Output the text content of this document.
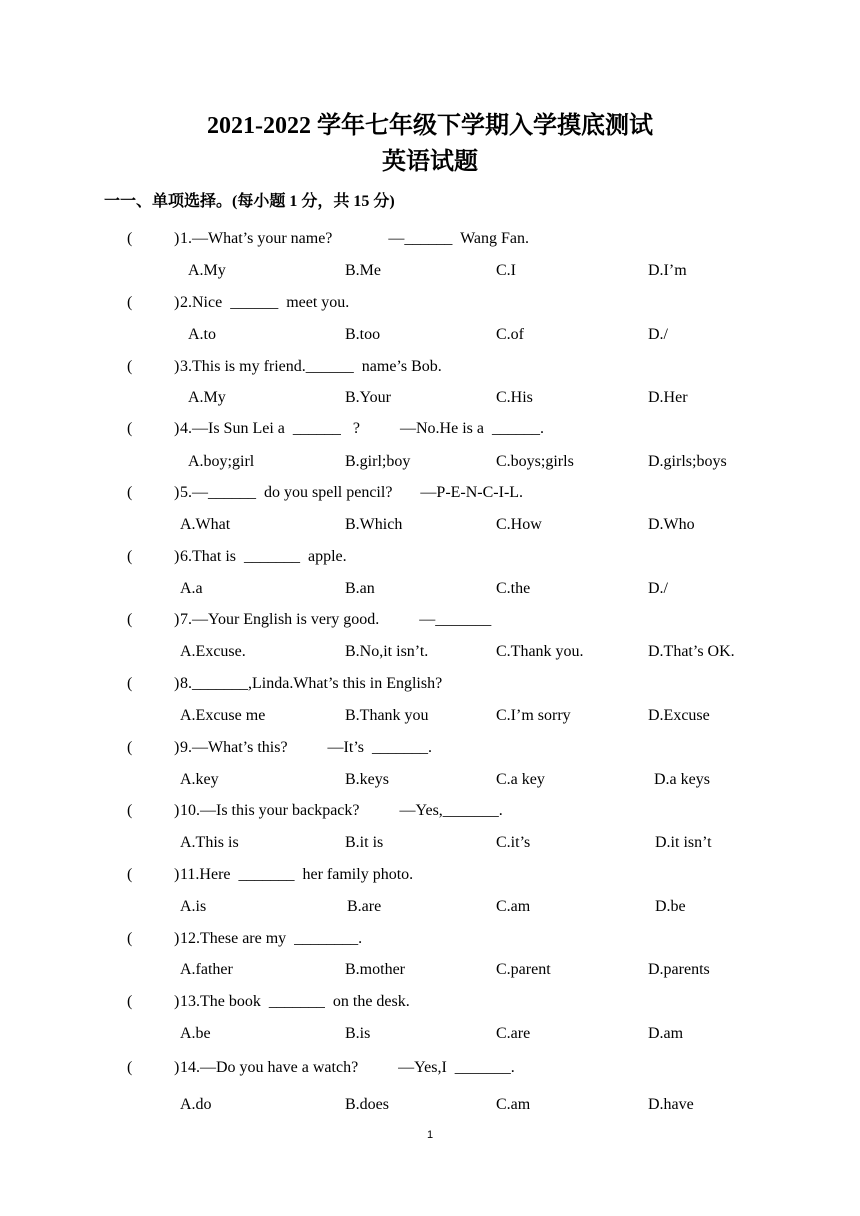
2021-2022 学年七年级下学期入学摸底测试
英语试题
一一、单项选择。(每小题 1 分，共 15 分)
(	) 1.—What’s your name?              —______  Wang Fan.
A.My	B.Me	C.I	D.I’m
(	) 2.Nice  ______  meet you.
A.to	B.too	C.of	D./
(	) 3.This is my friend.______  name’s Bob.
A.My	B.Your	C.His	D.Her
(	) 4.—Is Sun Lei a  ______   ?          —No.He is a  ______.
A.boy;girl	B.girl;boy	C.boys;girls	D.girls;boys
(	) 5.—______  do you spell pencil?       —P-E-N-C-I-L.
A.What	B.Which	C.How	D.Who
(	) 6.That is  _______  apple.
A.a	B.an	C.the	D./
(	) 7.—Your English is very good.          —_______
A.Excuse.	B.No,it isn’t.	C.Thank you.	D.That’s OK.
(	) 8._______,Linda.What’s this in English?
A.Excuse me	B.Thank you	C.I’m sorry	D.Excuse
(	) 9.—What’s this?          —It’s  _______.
A.key	B.keys	C.a key	D.a keys
(	) 10.—Is this your backpack?          —Yes,_______.
A.This is	B.it is	C.it’s	D.it isn’t
(	) 11.Here  _______  her family photo.
A.is	B.are	C.am	D.be
(	) 12.These are my  ________.
A.father	B.mother	C.parent	D.parents
(	) 13.The book  _______  on the desk.
A.be	B.is	C.are	D.am
(	) 14.—Do you have a watch?          —Yes,I  _______.
A.do	B.does	C.am	D.have
1
